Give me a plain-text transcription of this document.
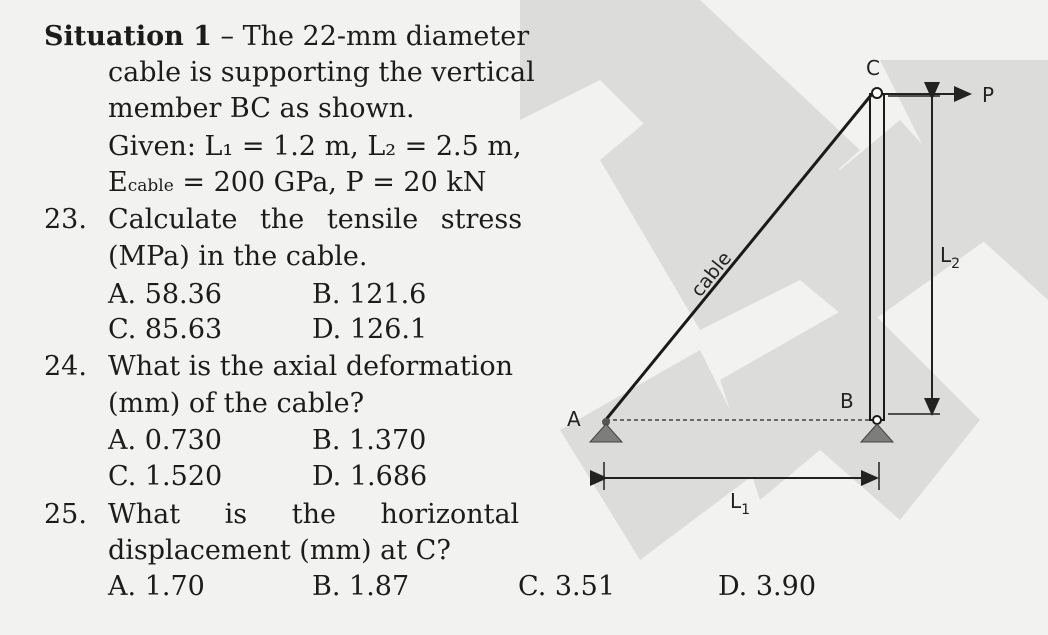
Situation 1 – The 22-mm diameter
cable is supporting the vertical
member BC as shown.
Given: L₁ = 1.2 m, L₂ = 2.5 m,
Ecable = 200 GPa, P = 20 kN
23. Calculate the tensile stress
(MPa) in the cable.
A. 58.36	B. 121.6
C. 85.63	D. 126.1
24. What is the axial deformation
(mm) of the cable?
A. 0.730	B. 1.370
C. 1.520	D. 1.686
25. What is the horizontal
displacement (mm) at C?
A. 1.70	B. 1.87	C. 3.51	D. 3.90
A
B
C
P
cable
$L_1$
$L_2$
